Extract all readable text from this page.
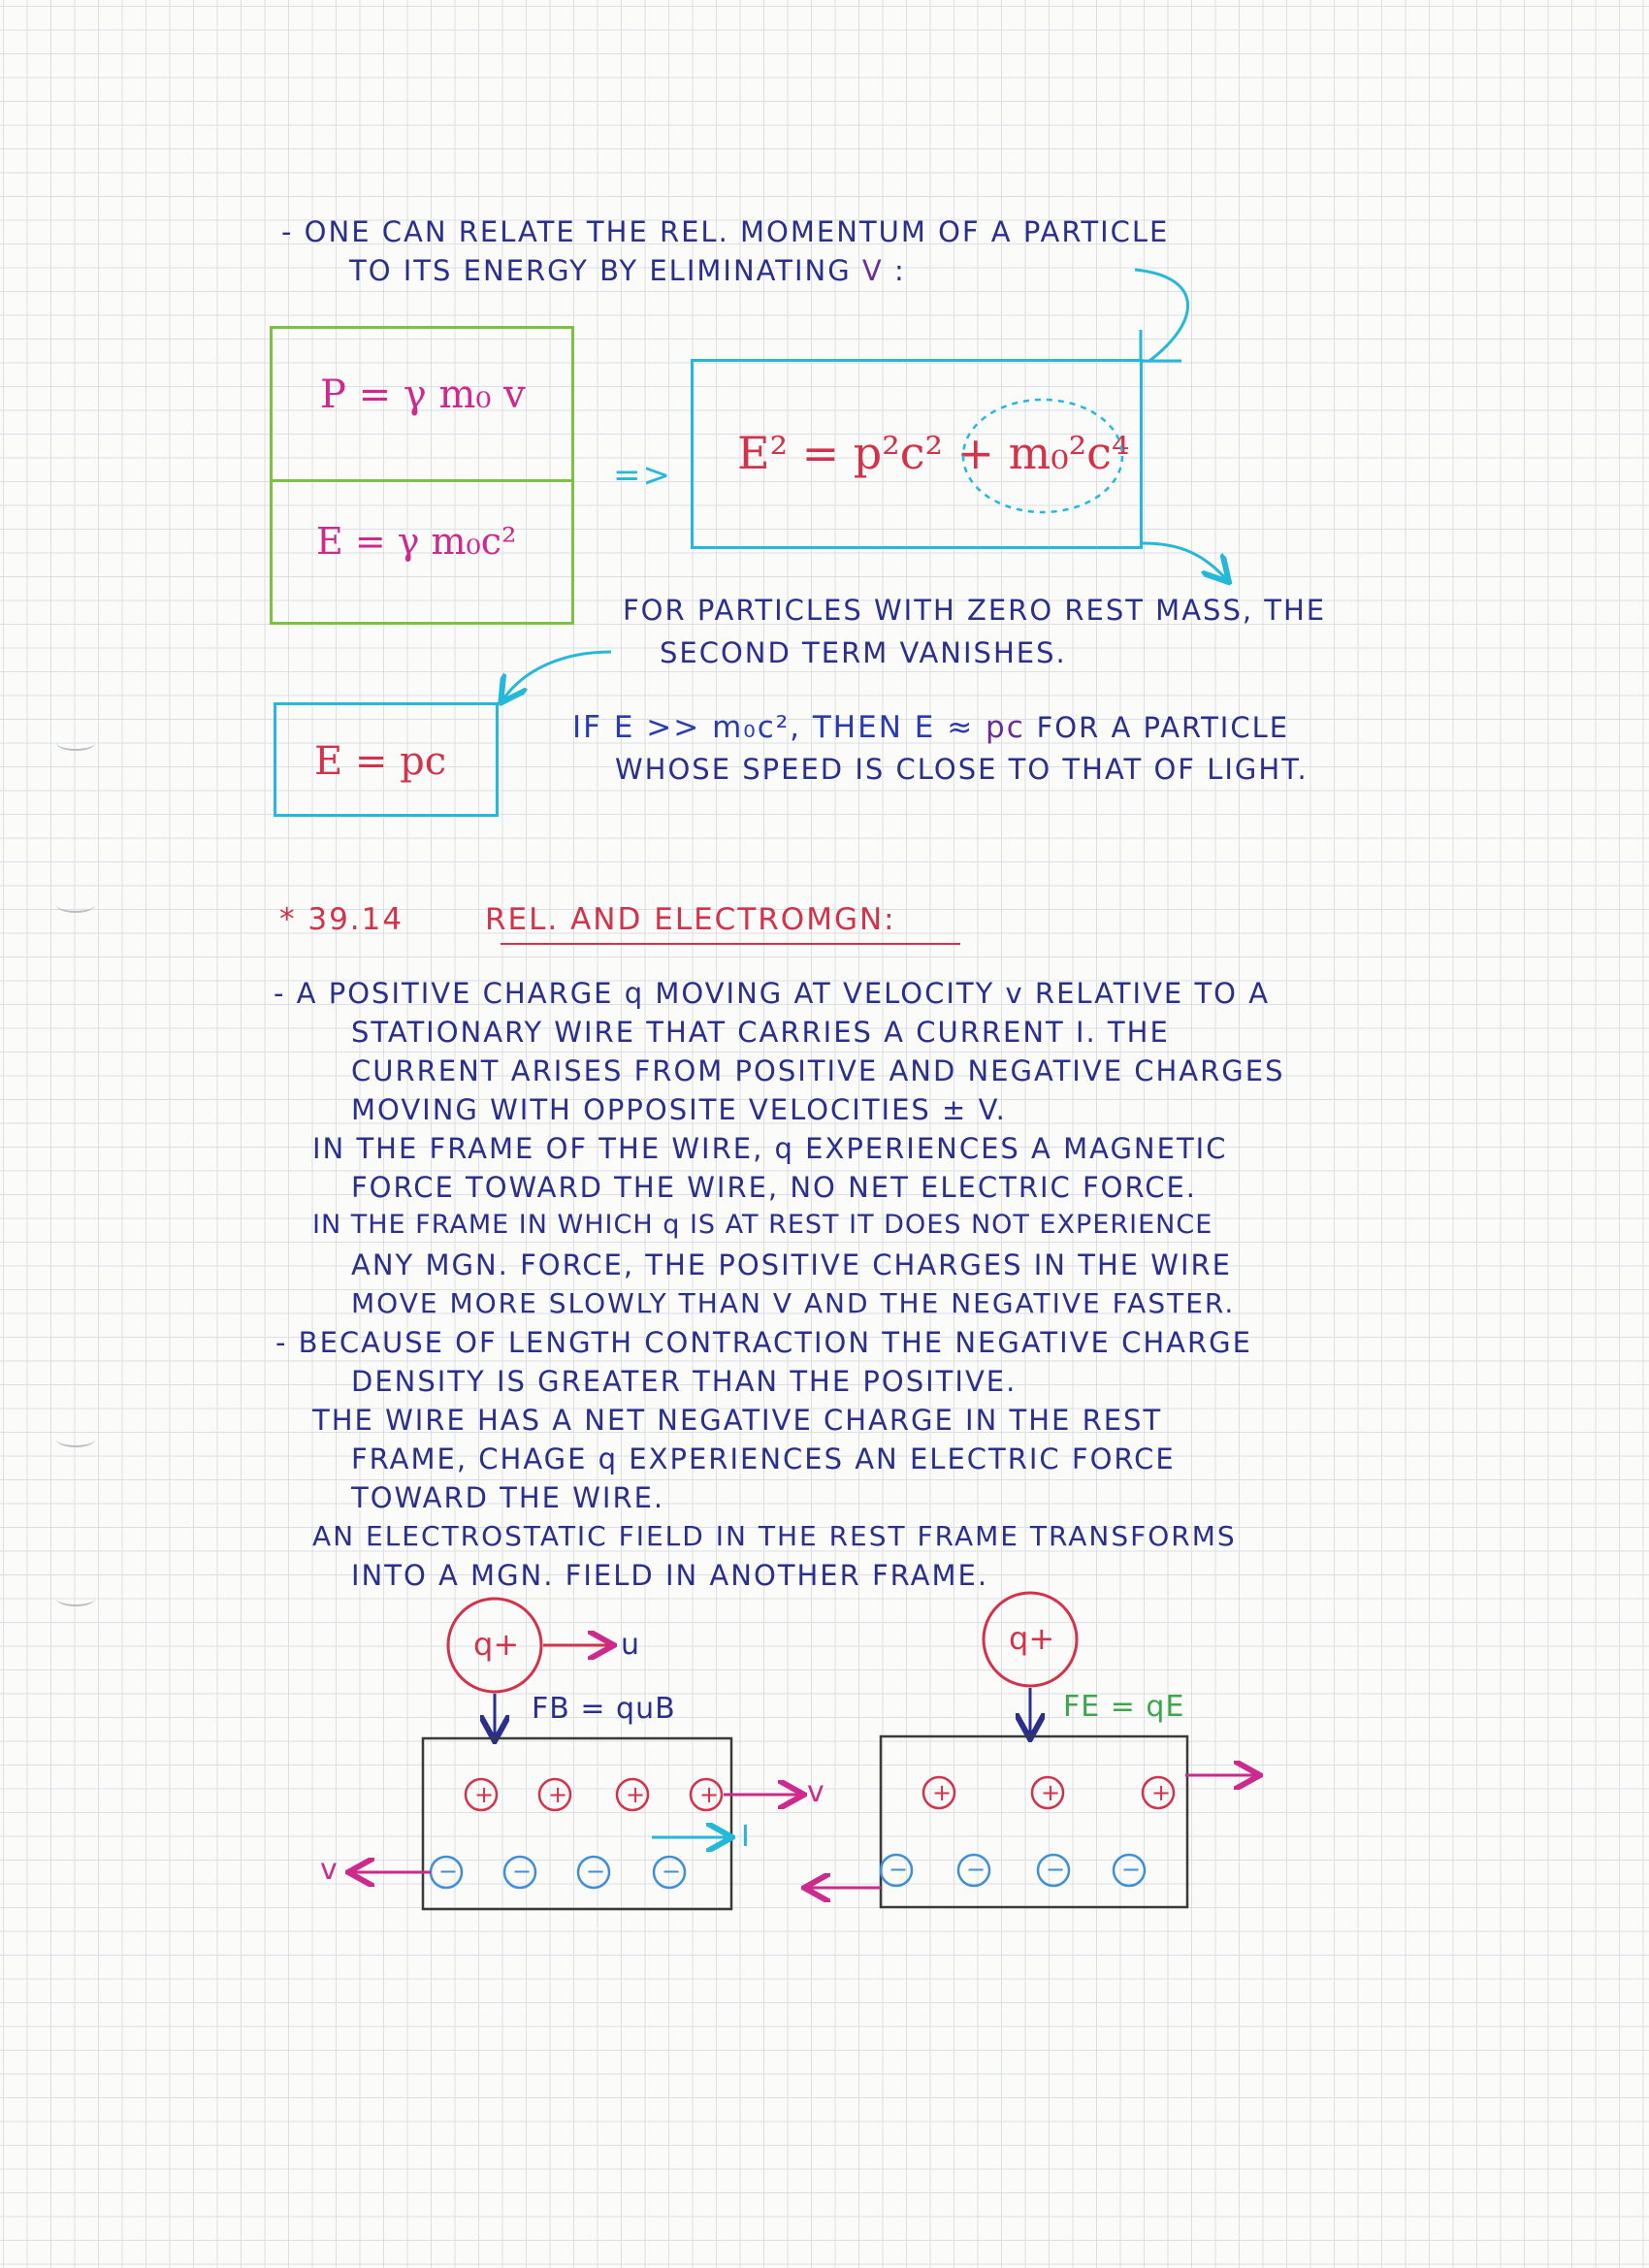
- ONE CAN RELATE THE REL. MOMENTUM OF A PARTICLE
TO ITS ENERGY BY ELIMINATING V :
P = γ m₀ v
E = γ m₀c²
=> E² = p²c² + m₀²c⁴
E = pc
FOR PARTICLES WITH ZERO REST MASS, THE
SECOND TERM VANISHES.
IF E >> m₀c², THEN E ≈ pc FOR A PARTICLE
WHOSE SPEED IS CLOSE TO THAT OF LIGHT.
* 39.14	REL. AND ELECTROMGN:
- A POSITIVE CHARGE q MOVING AT VELOCITY v RELATIVE TO A
STATIONARY WIRE THAT CARRIES A CURRENT I. THE
CURRENT ARISES FROM POSITIVE AND NEGATIVE CHARGES
MOVING WITH OPPOSITE VELOCITIES ± V.
IN THE FRAME OF THE WIRE, q EXPERIENCES A MAGNETIC
FORCE TOWARD THE WIRE, NO NET ELECTRIC FORCE.
IN THE FRAME IN WHICH q IS AT REST IT DOES NOT EXPERIENCE
ANY MGN. FORCE, THE POSITIVE CHARGES IN THE WIRE
MOVE MORE SLOWLY THAN V AND THE NEGATIVE FASTER.
- BECAUSE OF LENGTH CONTRACTION THE NEGATIVE CHARGE
DENSITY IS GREATER THAN THE POSITIVE.
THE WIRE HAS A NET NEGATIVE CHARGE IN THE REST
FRAME, CHAGE q EXPERIENCES AN ELECTRIC FORCE
TOWARD THE WIRE.
AN ELECTROSTATIC FIELD IN THE REST FRAME TRANSFORMS
INTO A MGN. FIELD IN ANOTHER FRAME.
q+	u
FB = quB
v
I
v
q+
FE = qE
+ + + +
− − − −
+	+	+
− −	− −
